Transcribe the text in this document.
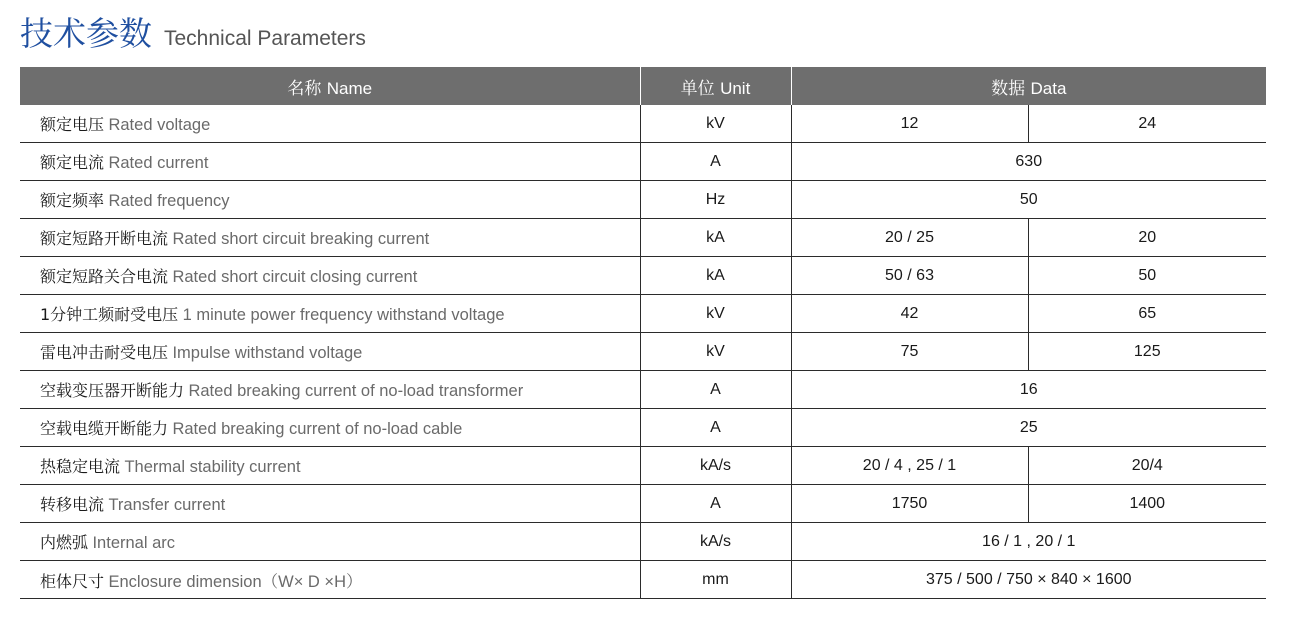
技术参数 Technical Parameters
名称 Name	单位 Unit	数据 Data	
额定电压 Rated voltage	kV	12	24
额定电流 Rated current	A	630	
额定频率 Rated frequency	Hz	50	
额定短路开断电流 Rated short circuit breaking current	kA	20 / 25	20
额定短路关合电流 Rated short circuit closing current	kA	50 / 63	50
1分钟工频耐受电压 1 minute power frequency withstand voltage	kV	42	65
雷电冲击耐受电压 Impulse withstand voltage	kV	75	125
空载变压器开断能力 Rated breaking current of no-load transformer	A	16	
空载电缆开断能力 Rated breaking current of no-load cable	A	25	
热稳定电流 Thermal stability current	kA/s	20 / 4 , 25 / 1	20/4
转移电流 Transfer current	A	1750	1400
内燃弧 Internal arc	kA/s	16 / 1 , 20 / 1	
柜体尺寸 Enclosure dimension（W× D ×H）	mm	375 / 500 / 750 × 840 × 1600	
